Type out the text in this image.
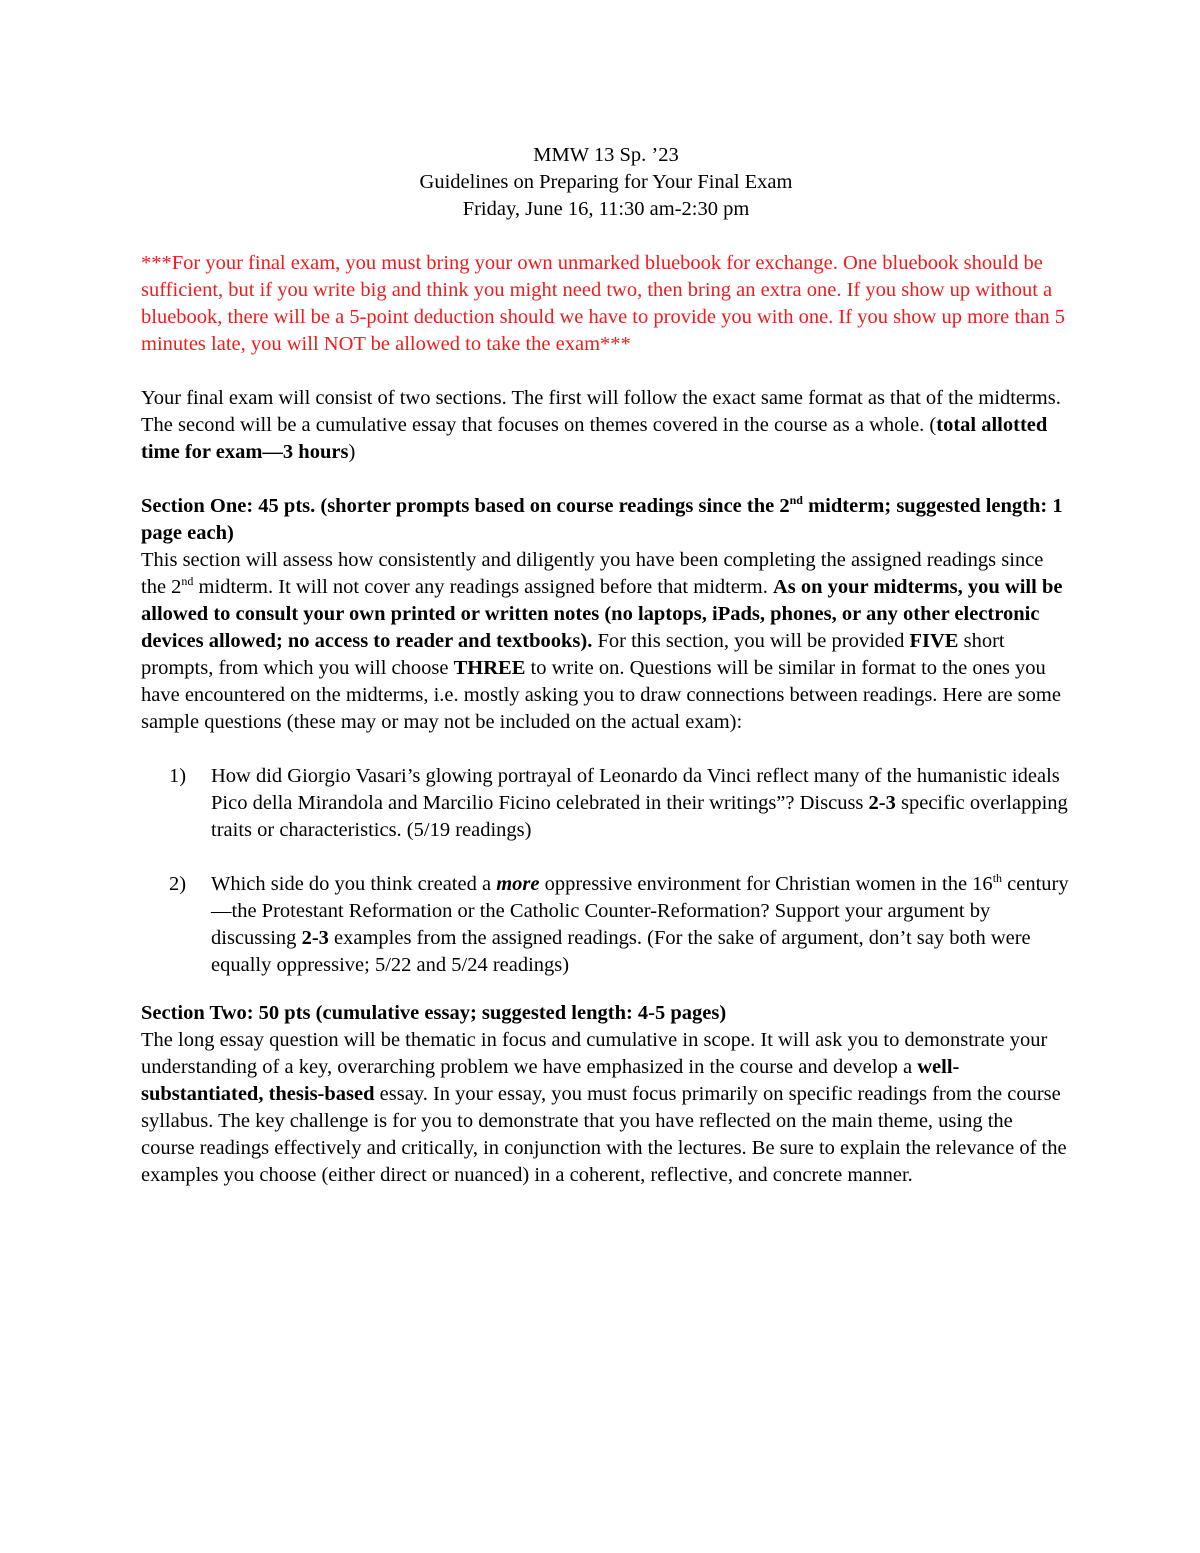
MMW 13 Sp. ’23
Guidelines on Preparing for Your Final Exam
Friday, June 16, 11:30 am-2:30 pm

***For your final exam, you must bring your own unmarked bluebook for exchange. One bluebook should be sufficient, but if you write big and think you might need two, then bring an extra one. If you show up without a bluebook, there will be a 5-point deduction should we have to provide you with one. If you show up more than 5 minutes late, you will NOT be allowed to take the exam***

Your final exam will consist of two sections. The first will follow the exact same format as that of the midterms. The second will be a cumulative essay that focuses on themes covered in the course as a whole. (total allotted time for exam—3 hours)

Section One: 45 pts. (shorter prompts based on course readings since the 2nd midterm; suggested length: 1 page each)

This section will assess how consistently and diligently you have been completing the assigned readings since the 2nd midterm. It will not cover any readings assigned before that midterm. As on your midterms, you will be allowed to consult your own printed or written notes (no laptops, iPads, phones, or any other electronic devices allowed; no access to reader and textbooks). For this section, you will be provided FIVE short prompts, from which you will choose THREE to write on. Questions will be similar in format to the ones you have encountered on the midterms, i.e. mostly asking you to draw connections between readings. Here are some sample questions (these may or may not be included on the actual exam):

1)	How did Giorgio Vasari’s glowing portrayal of Leonardo da Vinci reflect many of the humanistic ideals Pico della Mirandola and Marcilio Ficino celebrated in their writings”? Discuss 2-3 specific overlapping traits or characteristics. (5/19 readings)
2)	Which side do you think created a more oppressive environment for Christian women in the 16th century—the Protestant Reformation or the Catholic Counter-Reformation? Support your argument by discussing 2-3 examples from the assigned readings. (For the sake of argument, don’t say both were equally oppressive; 5/22 and 5/24 readings)

Section Two: 50 pts (cumulative essay; suggested length: 4-5 pages)

The long essay question will be thematic in focus and cumulative in scope. It will ask you to demonstrate your understanding of a key, overarching problem we have emphasized in the course and develop a well-substantiated, thesis-based essay. In your essay, you must focus primarily on specific readings from the course syllabus. The key challenge is for you to demonstrate that you have reflected on the main theme, using the course readings effectively and critically, in conjunction with the lectures. Be sure to explain the relevance of the examples you choose (either direct or nuanced) in a coherent, reflective, and concrete manner.
